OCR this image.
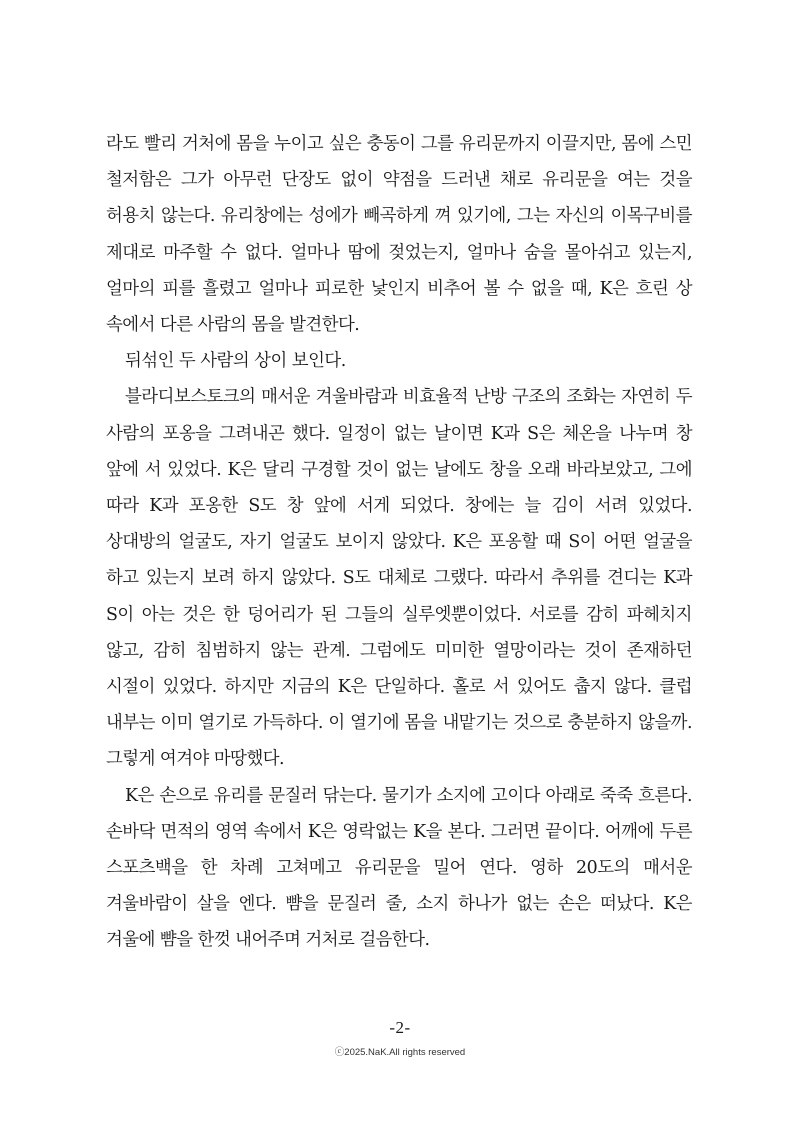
라도 빨리 거처에 몸을 누이고 싶은 충동이 그를 유리문까지 이끌지만, 몸에 스민 철저함은 그가 아무런 단장도 없이 약점을 드러낸 채로 유리문을 여는 것을 허용치 않는다. 유리창에는 성에가 빼곡하게 껴 있기에, 그는 자신의 이목구비를 제대로 마주할 수 없다. 얼마나 땀에 젖었는지, 얼마나 숨을 몰아쉬고 있는지, 얼마의 피를 흘렸고 얼마나 피로한 낯인지 비추어 볼 수 없을 때, K은 흐린 상 속에서 다른 사람의 몸을 발견한다.

뒤섞인 두 사람의 상이 보인다.

블라디보스토크의 매서운 겨울바람과 비효율적 난방 구조의 조화는 자연히 두 사람의 포옹을 그려내곤 했다. 일정이 없는 날이면 K과 S은 체온을 나누며 창 앞에 서 있었다. K은 달리 구경할 것이 없는 날에도 창을 오래 바라보았고, 그에 따라 K과 포옹한 S도 창 앞에 서게 되었다. 창에는 늘 김이 서려 있었다. 상대방의 얼굴도, 자기 얼굴도 보이지 않았다. K은 포옹할 때 S이 어떤 얼굴을 하고 있는지 보려 하지 않았다. S도 대체로 그랬다. 따라서 추위를 견디는 K과 S이 아는 것은 한 덩어리가 된 그들의 실루엣뿐이었다. 서로를 감히 파헤치지 않고, 감히 침범하지 않는 관계. 그럼에도 미미한 열망이라는 것이 존재하던 시절이 있었다. 하지만 지금의 K은 단일하다. 홀로 서 있어도 춥지 않다. 클럽 내부는 이미 열기로 가득하다. 이 열기에 몸을 내맡기는 것으로 충분하지 않을까. 그렇게 여겨야 마땅했다.

K은 손으로 유리를 문질러 닦는다. 물기가 소지에 고이다 아래로 죽죽 흐른다. 손바닥 면적의 영역 속에서 K은 영락없는 K을 본다. 그러면 끝이다. 어깨에 두른 스포츠백을 한 차례 고쳐메고 유리문을 밀어 연다. 영하 20도의 매서운 겨울바람이 살을 엔다. 뺨을 문질러 줄, 소지 하나가 없는 손은 떠났다. K은 겨울에 뺨을 한껏 내어주며 거처로 걸음한다.

-2-
ⓒ2025.NaK.All rights reserved
